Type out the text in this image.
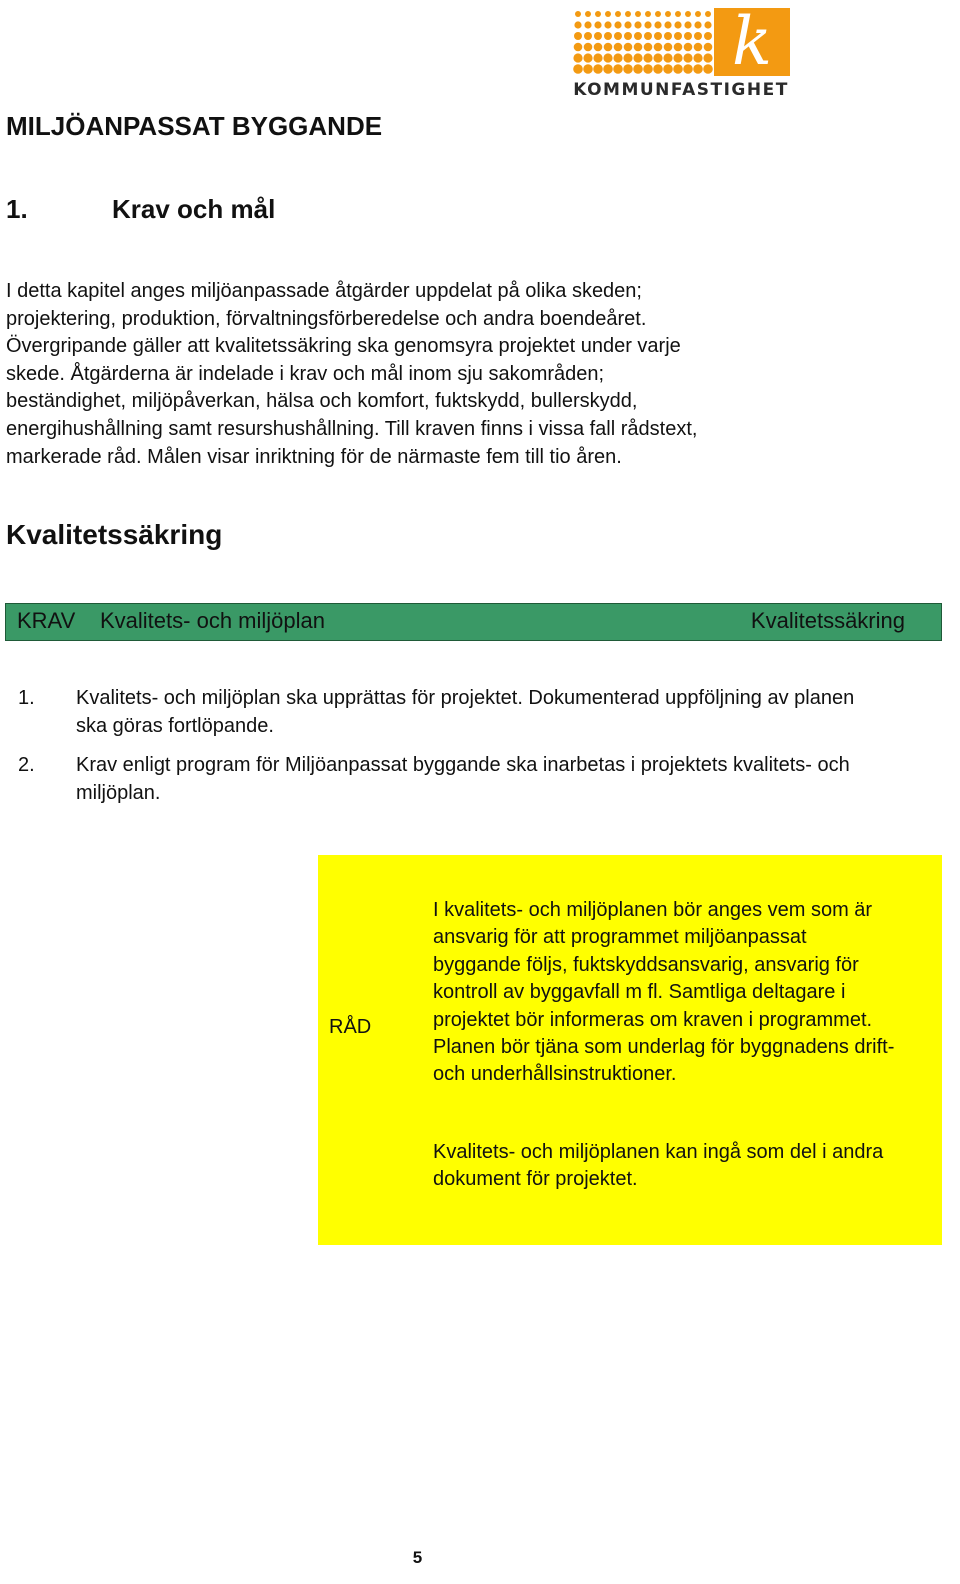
k
KOMMUNFASTIGHET
MILJÖANPASSAT BYGGANDE
1.	Krav och mål

I detta kapitel anges miljöanpassade åtgärder uppdelat på olika skeden;

projektering, produktion, förvaltningsförberedelse och andra boendeåret.

Övergripande gäller att kvalitetssäkring ska genomsyra projektet under varje

skede. Åtgärderna är indelade i krav och mål inom sju sakområden;

beständighet, miljöpåverkan, hälsa och komfort, fuktskydd, bullerskydd,

energihushållning samt resurshushållning. Till kraven finns i vissa fall rådstext,

markerade råd. Målen visar inriktning för de närmaste fem till tio åren.

Kvalitetssäkring
KRAV Kvalitets- och miljöplan	Kvalitetssäkring
1. Kvalitets- och miljöplan ska upprättas för projektet. Dokumenterad uppföljning av planen
ska göras fortlöpande.
2. Krav enligt program för Miljöanpassat byggande ska inarbetas i projektets kvalitets- och
miljöplan.
RÅD
I kvalitets- och miljöplanen bör anges vem som är
ansvarig för att programmet miljöanpassat
byggande följs, fuktskyddsansvarig, ansvarig för
kontroll av byggavfall m fl. Samtliga deltagare i
projektet bör informeras om kraven i programmet.
Planen bör tjäna som underlag för byggnadens drift-
och underhållsinstruktioner.
Kvalitets- och miljöplanen kan ingå som del i andra
dokument för projektet.
5
